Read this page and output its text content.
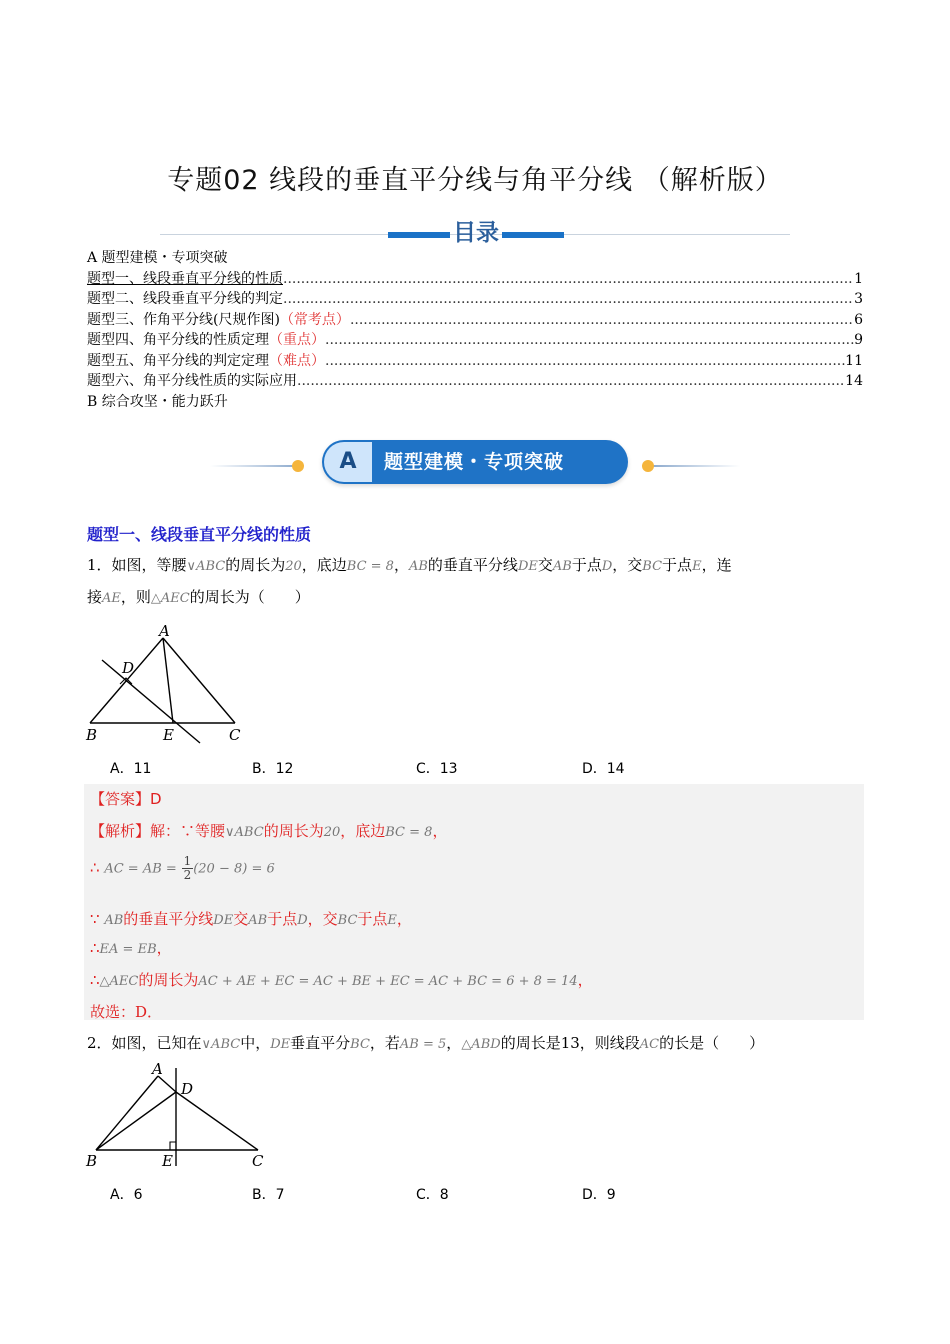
专题02 线段的垂直平分线与角平分线 （解析版）
目录
A 题型建模・专项突破
题型一、线段垂直平分线的性质 .....	1
题型二、线段垂直平分线的判定 .....	3
题型三、作角平分线(尺规作图)（常考点） .....	6
题型四、角平分线的性质定理（重点） .....	9
题型五、角平分线的判定定理（难点） .....	11
题型六、角平分线性质的实际应用 .....	14
B 综合攻坚・能力跃升
A	题型建模・专项突破
题型一、线段垂直平分线的性质
1．如图，等腰∨ABC的周长为20，底边BC = 8，AB的垂直平分线DE交AB于点D，交BC于点E，连
接AE，则△AEC的周长为（　　）
A
D
B	E	C
A．11	B．12	C．13	D．14
【答案】D
【解析】解：∵等腰∨ABC的周长为20，底边BC = 8，
∴ AC = AB = $\frac{1}{2} (20 - 8) = 6$
∵ AB的垂直平分线DE交AB于点D，交BC于点E，
∴EA = EB，
∴△AEC的周长为AC + AE + EC = AC + BE + EC = AC + BC = 6 + 8 = 14，
故选：D．
2．如图，已知在∨ABC中，DE垂直平分BC，若AB = 5，△ABD的周长是13，则线段AC的长是（　　）
A
D
B	E	C
A．6	B．7	C．8	D．9
